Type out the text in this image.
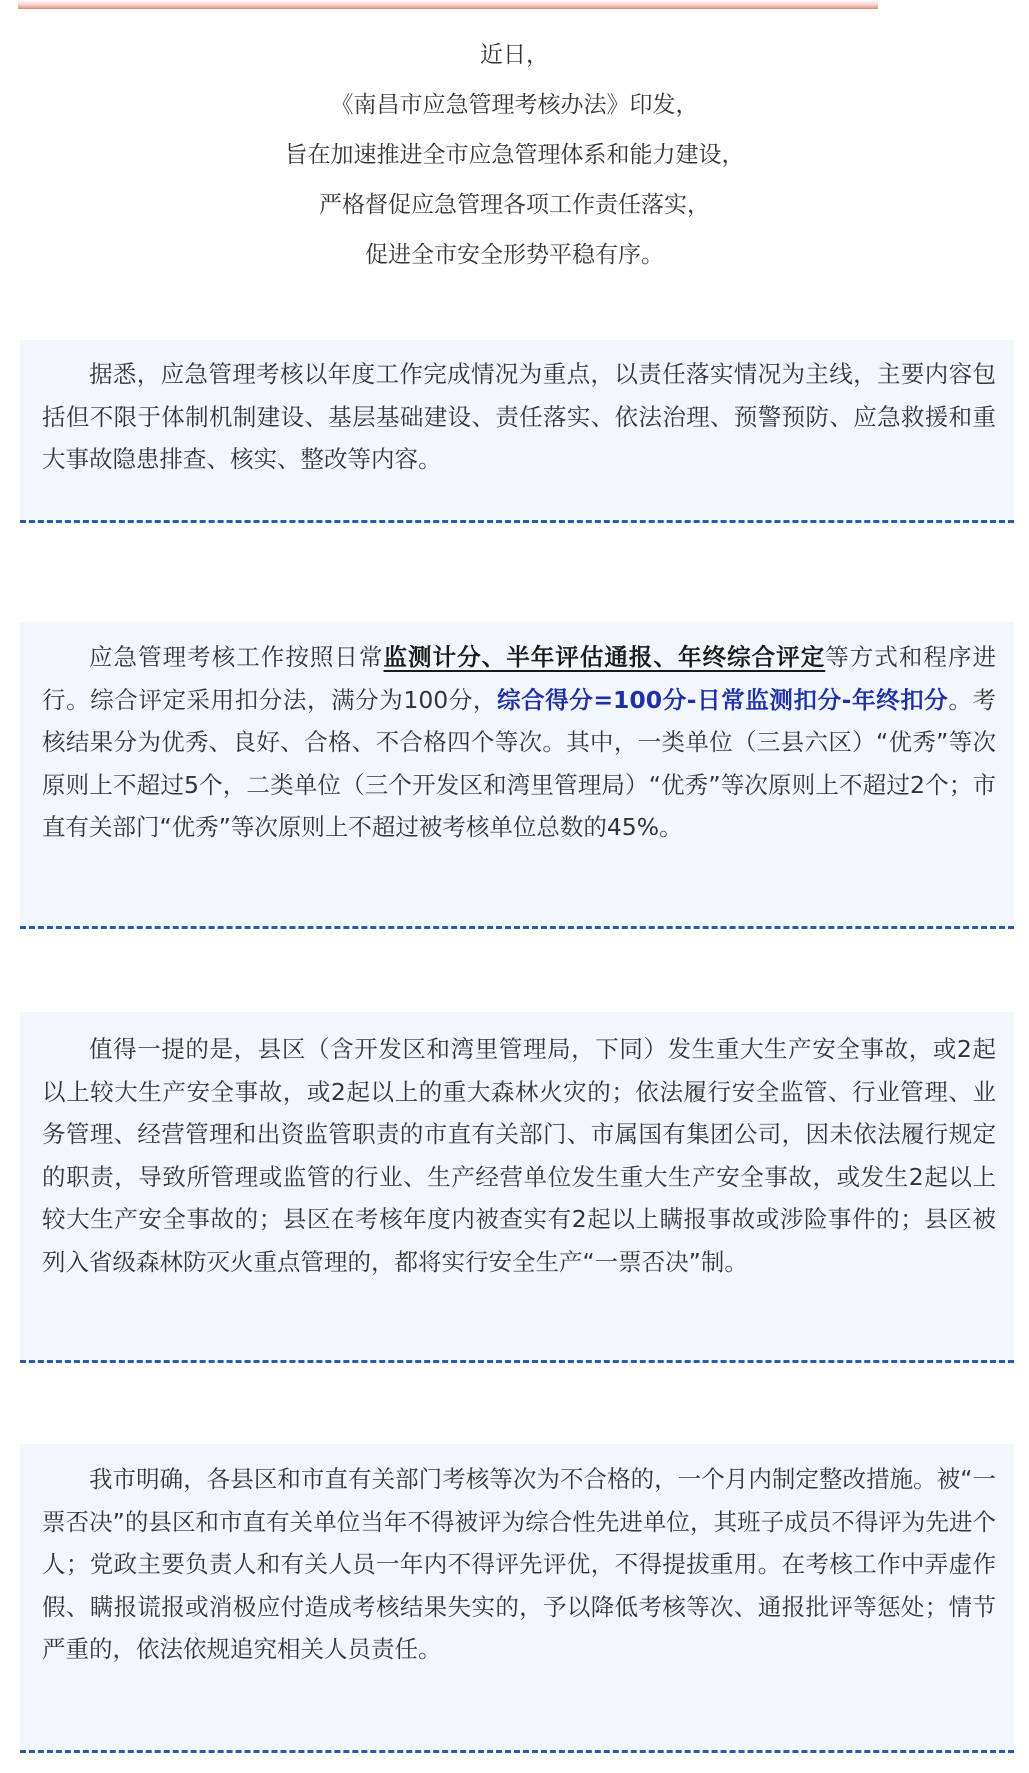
近日，
《南昌市应急管理考核办法》印发，
旨在加速推进全市应急管理体系和能力建设，
严格督促应急管理各项工作责任落实，
促进全市安全形势平稳有序。

据悉，应急管理考核以年度工作完成情况为重点，以责任落实情况为主线，主要内容包括但不限于体制机制建设、基层基础建设、责任落实、依法治理、预警预防、应急救援和重大事故隐患排查、核实、整改等内容。

应急管理考核工作按照日常监测计分、半年评估通报、年终综合评定等方式和程序进行。综合评定采用扣分法，满分为100分，综合得分=100分-日常监测扣分-年终扣分。考核结果分为优秀、良好、合格、不合格四个等次。其中，一类单位（三县六区）“优秀”等次原则上不超过5个，二类单位（三个开发区和湾里管理局）“优秀”等次原则上不超过2个；市直有关部门“优秀”等次原则上不超过被考核单位总数的45%。

值得一提的是，县区（含开发区和湾里管理局，下同）发生重大生产安全事故，或2起以上较大生产安全事故，或2起以上的重大森林火灾的；依法履行安全监管、行业管理、业务管理、经营管理和出资监管职责的市直有关部门、市属国有集团公司，因未依法履行规定的职责，导致所管理或监管的行业、生产经营单位发生重大生产安全事故，或发生2起以上较大生产安全事故的；县区在考核年度内被查实有2起以上瞒报事故或涉险事件的；县区被列入省级森林防灭火重点管理的，都将实行安全生产“一票否决”制。

我市明确，各县区和市直有关部门考核等次为不合格的，一个月内制定整改措施。被“一票否决”的县区和市直有关单位当年不得被评为综合性先进单位，其班子成员不得评为先进个人；党政主要负责人和有关人员一年内不得评先评优，不得提拔重用。在考核工作中弄虚作假、瞒报谎报或消极应付造成考核结果失实的，予以降低考核等次、通报批评等惩处；情节严重的，依法依规追究相关人员责任。
